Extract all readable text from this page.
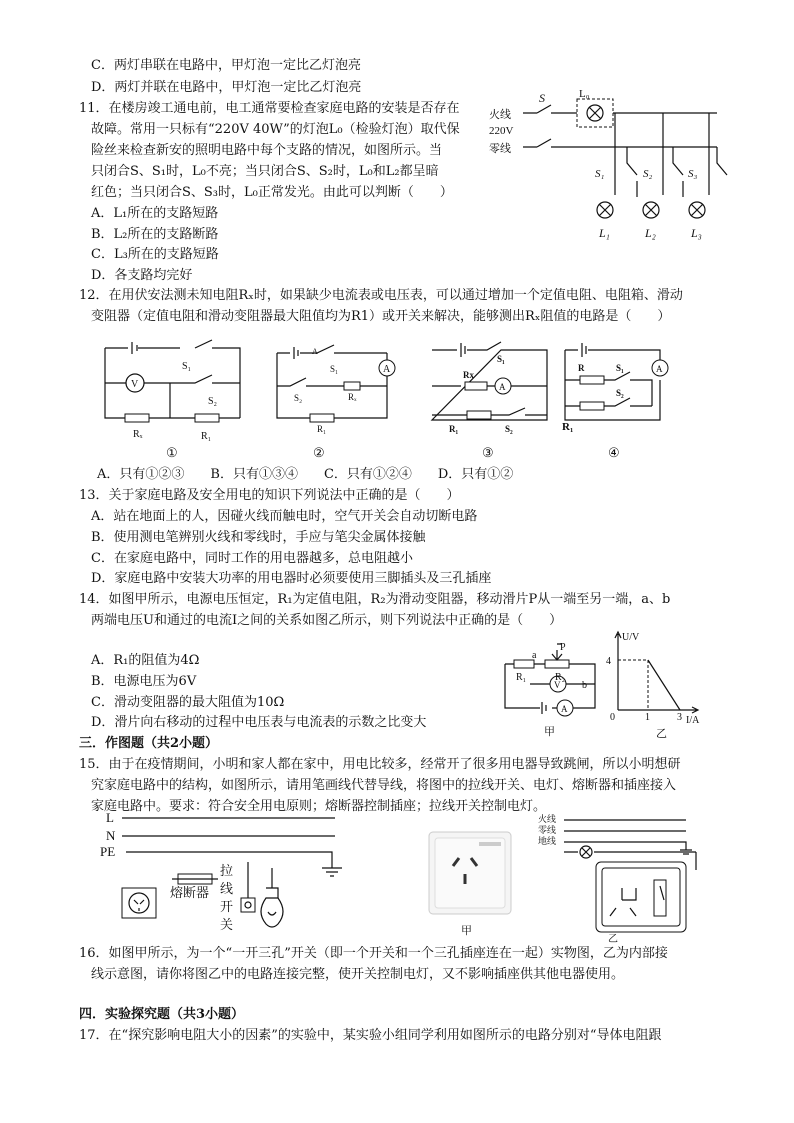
C．两灯串联在电路中，甲灯泡一定比乙灯泡亮
D．两灯并联在电路中，甲灯泡一定比乙灯泡亮
11．在楼房竣工通电前，电工通常要检查家庭电路的安装是否存在
故障。常用一只标有“220V 40W”的灯泡L₀（检验灯泡）取代保
险丝来检查新安的照明电路中每个支路的情况，如图所示。当
只闭合S、S₁时，L₀不亮；当只闭合S、S₂时，L₀和L₂都呈暗
红色；当只闭合S、S₃时，L₀正常发光。由此可以判断（　　）
A．L₁所在的支路短路
B．L₂所在的支路断路
C．L₃所在的支路短路
D．各支路均完好
火线
220V
零线
S	L₀
S₁	S₂	S₃
L₁	L₂	L₃
12．在用伏安法测未知电阻Rₓ时，如果缺少电流表或电压表，可以通过增加一个定值电阻、电阻箱、滑动
变阻器（定值电阻和滑动变阻器最大阻值均为R1）或开关来解决，能够测出Rₓ阻值的电路是（　　）
V
S₁
S₂
Rₓ	R₁
A
A
S₁
S₂	Rₓ
R₁
A
Rx
S₁
R₁	S₂
A
R	S₁
S₂
R₁
①	②	③	④
A．只有①②③　　B．只有①③④　　C．只有①②④　　D．只有①②
13．关于家庭电路及安全用电的知识下列说法中正确的是（　　）
A．站在地面上的人，因碰火线而触电时，空气开关会自动切断电路
B．使用测电笔辨别火线和零线时，手应与笔尖金属体接触
C．在家庭电路中，同时工作的用电器越多，总电阻越小
D．家庭电路中安装大功率的用电器时必须要使用三脚插头及三孔插座
14．如图甲所示，电源电压恒定，R₁为定值电阻，R₂为滑动变阻器，移动滑片P从一端至另一端，a、b
两端电压U和通过的电流I之间的关系如图乙所示，则下列说法中正确的是（　　）
A．R₁的阻值为4Ω
B．电源电压为6V
C．滑动变阻器的最大阻值为10Ω
D．滑片向右移动的过程中电压表与电流表的示数之比变大
V
A
R₁	R₂
P
a
b
甲
U/V
4
0	1	3 I/A
乙
三．作图题（共2小题）
15．由于在疫情期间，小明和家人都在家中，用电比较多，经常开了很多用电器导致跳闸，所以小明想研
究家庭电路中的结构，如图所示，请用笔画线代替导线，将图中的拉线开关、电灯、熔断器和插座接入
家庭电路中。要求：符合安全用电原则；熔断器控制插座；拉线开关控制电灯。
L
N
PE
熔断器
拉
线
开
关	甲
火线
零线
地线
乙
16．如图甲所示，为一个“一开三孔”开关（即一个开关和一个三孔插座连在一起）实物图，乙为内部接
线示意图，请你将图乙中的电路连接完整，使开关控制电灯，又不影响插座供其他电器使用。
四．实验探究题（共3小题）
17．在“探究影响电阻大小的因素”的实验中，某实验小组同学利用如图所示的电路分别对“导体电阻跟
